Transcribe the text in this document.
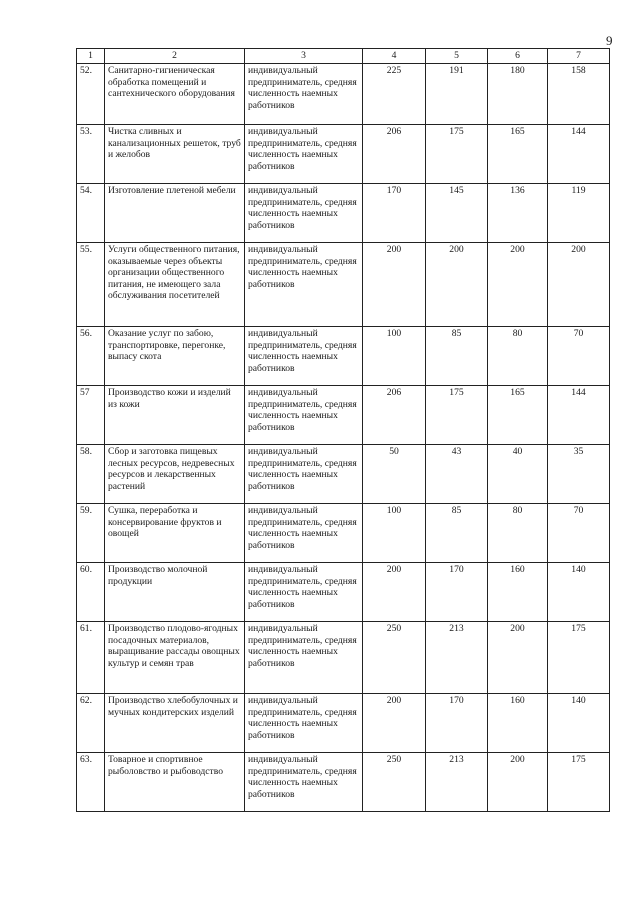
9
1	2	3	4	5	6	7
52.	Санитарно-гигиеническая обработка помещений и сантехнического оборудования	индивидуальный предприниматель, средняя численность наемных работников	225	191	180	158
53.	Чистка сливных и канализационных решеток, труб и желобов	индивидуальный предприниматель, средняя численность наемных работников	206	175	165	144
54.	Изготовление плетеной мебели	индивидуальный предприниматель, средняя численность наемных работников	170	145	136	119
55.	Услуги общественного питания, оказываемые через объекты организации общественного питания, не имеющего зала обслуживания посетителей	индивидуальный предприниматель, средняя численность наемных работников	200	200	200	200
56.	Оказание услуг по забою, транспортировке, перегонке, выпасу скота	индивидуальный предприниматель, средняя численность наемных работников	100	85	80	70
57	Производство кожи и изделий из кожи	индивидуальный предприниматель, средняя численность наемных работников	206	175	165	144
58.	Сбор и заготовка пищевых лесных ресурсов, недревесных ресурсов и лекарственных растений	индивидуальный предприниматель, средняя численность наемных работников	50	43	40	35
59.	Сушка, переработка и консервирование фруктов и овощей	индивидуальный предприниматель, средняя численность наемных работников	100	85	80	70
60.	Производство молочной продукции	индивидуальный предприниматель, средняя численность наемных работников	200	170	160	140
61.	Производство плодово-ягодных посадочных материалов, выращивание рассады овощных культур и семян трав	индивидуальный предприниматель, средняя численность наемных работников	250	213	200	175
62.	Производство хлебобулочных и мучных кондитерских изделий	индивидуальный предприниматель, средняя численность наемных работников	200	170	160	140
63.	Товарное и спортивное рыболовство и рыбоводство	индивидуальный предприниматель, средняя численность наемных работников	250	213	200	175
